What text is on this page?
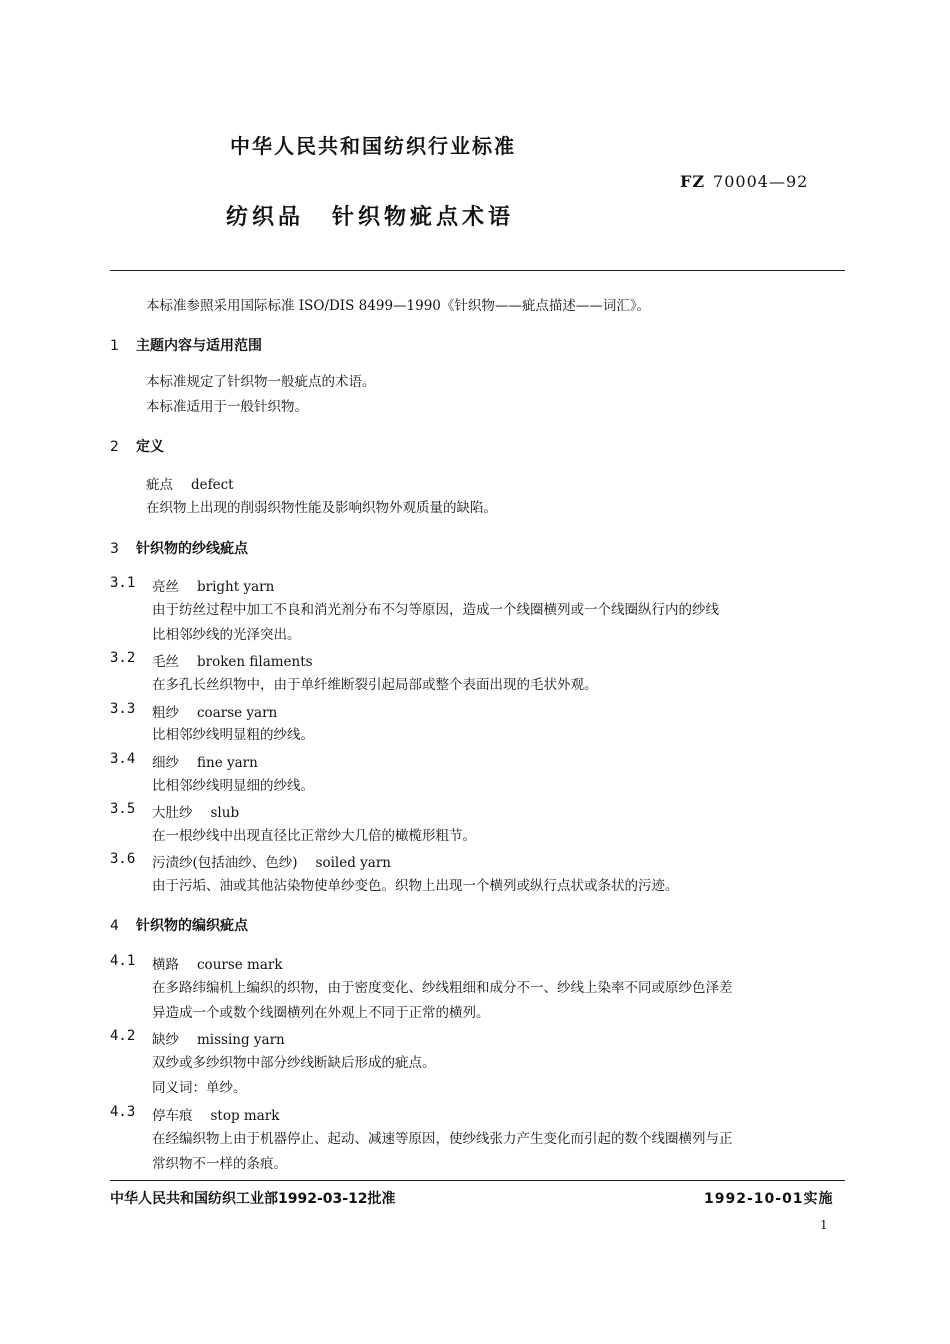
中华人民共和国纺织行业标准
FZ 70004—92
纺织品 针织物疵点术语
本标准参照采用国际标准 ISO/DIS 8499—1990《针织物——疵点描述——词汇》。
1 主题内容与适用范围
本标准规定了针织物一般疵点的术语。
本标准适用于一般针织物。
2 定义
疵点 defect
在织物上出现的削弱织物性能及影响织物外观质量的缺陷。
3 针织物的纱线疵点
3.1 亮丝 bright yarn
由于纺丝过程中加工不良和消光剂分布不匀等原因，造成一个线圈横列或一个线圈纵行内的纱线
比相邻纱线的光泽突出。
3.2 毛丝 broken filaments
在多孔长丝织物中，由于单纤维断裂引起局部或整个表面出现的毛状外观。
3.3 粗纱 coarse yarn
比相邻纱线明显粗的纱线。
3.4 细纱 fine yarn
比相邻纱线明显细的纱线。
3.5 大肚纱 slub
在一根纱线中出现直径比正常纱大几倍的橄榄形粗节。
3.6 污渍纱(包括油纱、色纱) soiled yarn
由于污垢、油或其他沾染物使单纱变色。织物上出现一个横列或纵行点状或条状的污迹。
4 针织物的编织疵点
4.1 横路 course mark
在多路纬编机上编织的织物，由于密度变化、纱线粗细和成分不一、纱线上染率不同或原纱色泽差
异造成一个或数个线圈横列在外观上不同于正常的横列。
4.2 缺纱 missing yarn
双纱或多纱织物中部分纱线断缺后形成的疵点。
同义词：单纱。
4.3 停车痕 stop mark
在经编织物上由于机器停止、起动、减速等原因，使纱线张力产生变化而引起的数个线圈横列与正
常织物不一样的条痕。
中华人民共和国纺织工业部1992-03-12批准	1992-10-01实施
1
